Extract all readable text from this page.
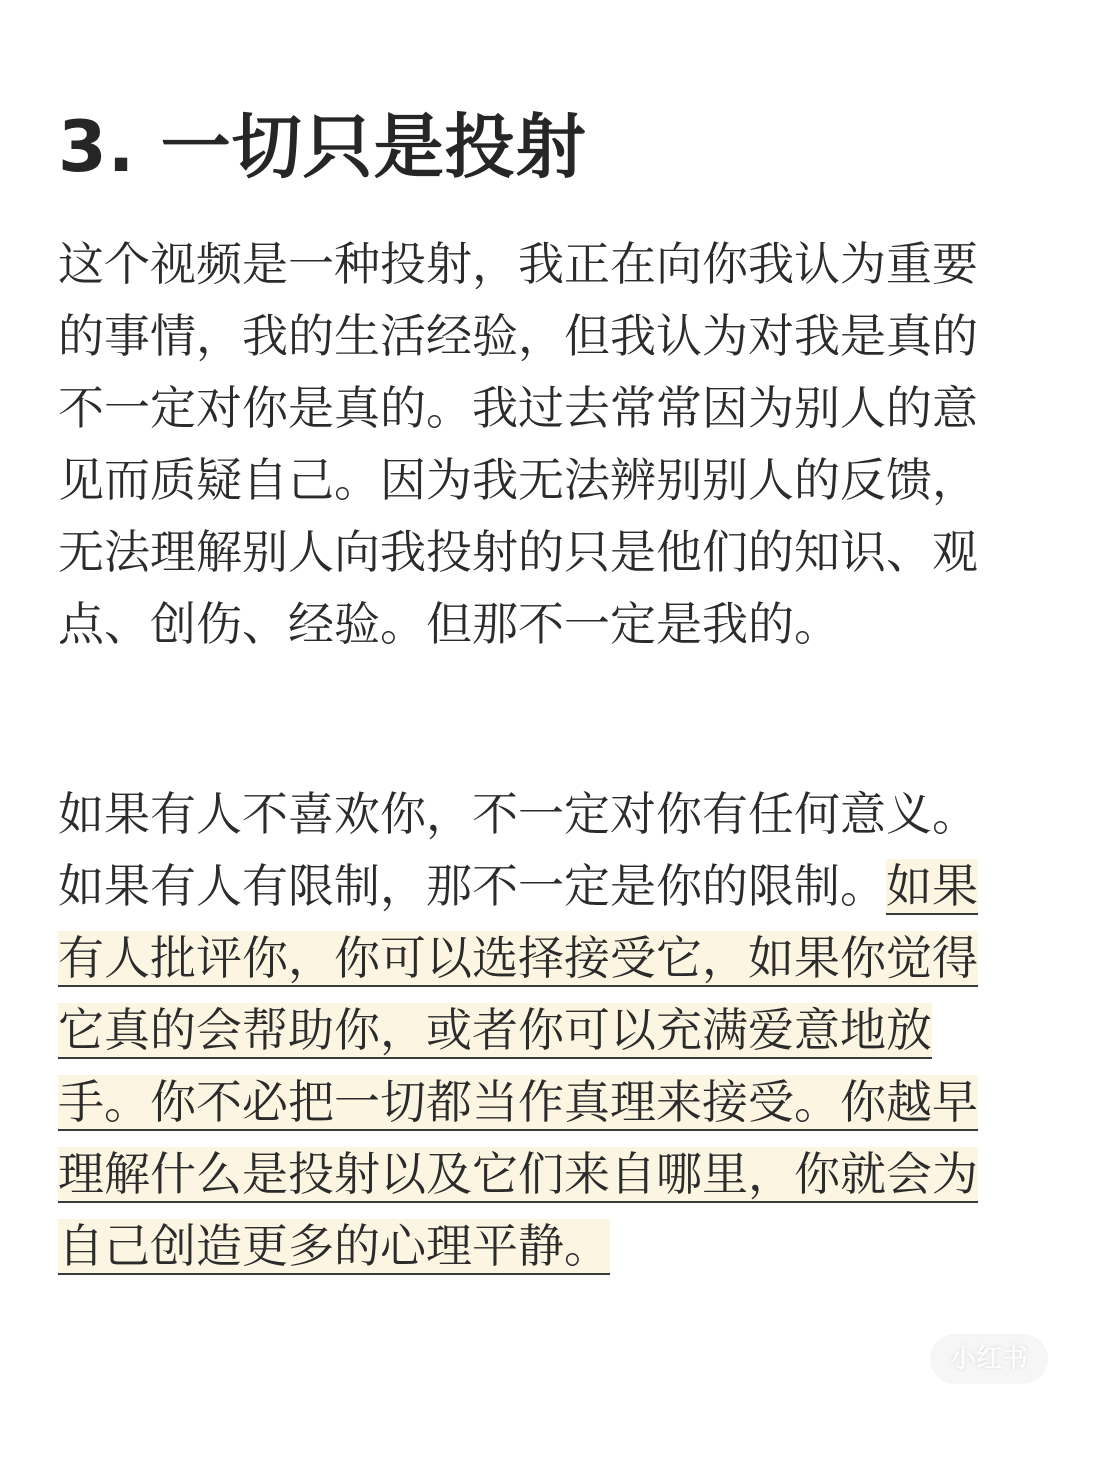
3. 一切只是投射
这个视频是一种投射，我正在向你我认为重要
的事情，我的生活经验，但我认为对我是真的
不一定对你是真的。我过去常常因为别人的意
见而质疑自己。因为我无法辨别别人的反馈，
无法理解别人向我投射的只是他们的知识、观
点、创伤、经验。但那不一定是我的。
如果有人不喜欢你，不一定对你有任何意义。
如果有人有限制，那不一定是你的限制。如果
有人批评你，你可以选择接受它，如果你觉得
它真的会帮助你，或者你可以充满爱意地放
手。你不必把一切都当作真理来接受。你越早
理解什么是投射以及它们来自哪里，你就会为
自己创造更多的心理平静。
小红书
